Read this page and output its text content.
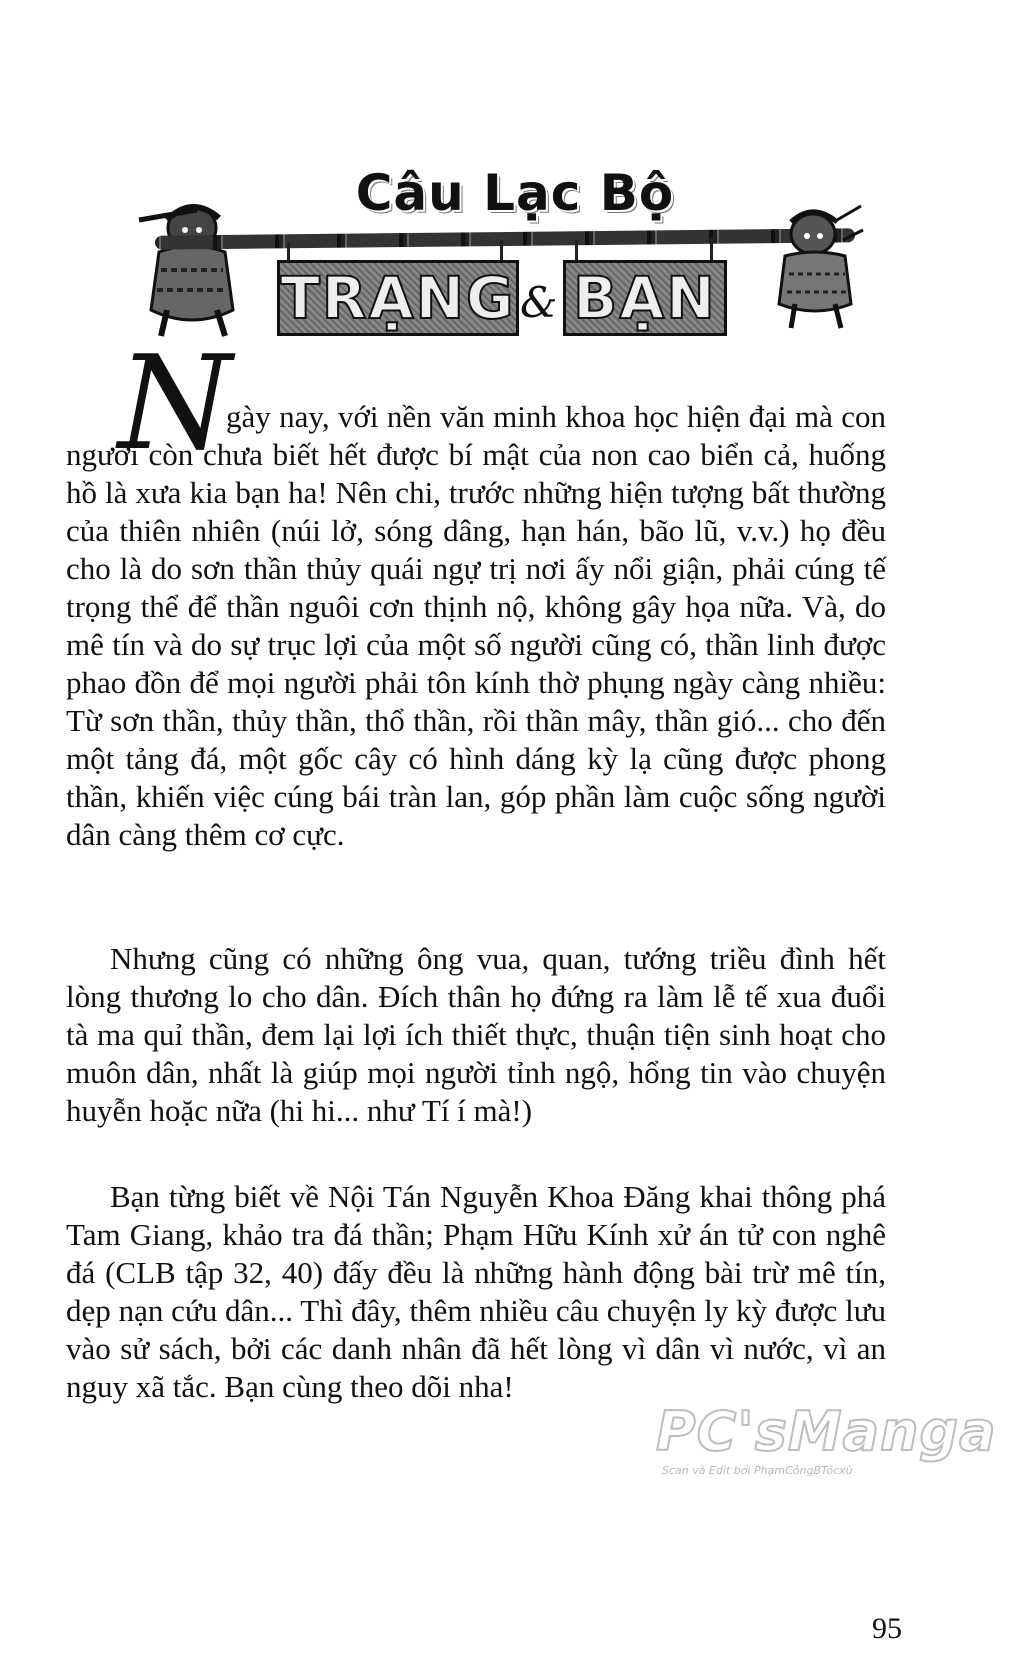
Câu Lạc Bộ
TRẠNG & BẠN
N

gày nay, với nền văn minh khoa học hiện đại mà con người còn chưa biết hết được bí mật của non cao biển cả, huống hồ là xưa kia bạn ha! Nên chi, trước những hiện tượng bất thường của thiên nhiên (núi lở, sóng dâng, hạn hán, bão lũ, v.v.) họ đều cho là do sơn thần thủy quái ngự trị nơi ấy nổi giận, phải cúng tế trọng thể để thần nguôi cơn thịnh nộ, không gây họa nữa. Và, do mê tín và do sự trục lợi của một số người cũng có, thần linh được phao đồn để mọi người phải tôn kính thờ phụng ngày càng nhiều: Từ sơn thần, thủy thần, thổ thần, rồi thần mây, thần gió... cho đến một tảng đá, một gốc cây có hình dáng kỳ lạ cũng được phong thần, khiến việc cúng bái tràn lan, góp phần làm cuộc sống người dân càng thêm cơ cực.

Nhưng cũng có những ông vua, quan, tướng triều đình hết lòng thương lo cho dân. Đích thân họ đứng ra làm lễ tế xua đuổi tà ma quỉ thần, đem lại lợi ích thiết thực, thuận tiện sinh hoạt cho muôn dân, nhất là giúp mọi người tỉnh ngộ, hổng tin vào chuyện huyễn hoặc nữa (hi hi... như Tí í mà!)

Bạn từng biết về Nội Tán Nguyễn Khoa Đăng khai thông phá Tam Giang, khảo tra đá thần; Phạm Hữu Kính xử án tử con nghê đá (CLB tập 32, 40) đấy đều là những hành động bài trừ mê tín, dẹp nạn cứu dân... Thì đây, thêm nhiều câu chuyện ly kỳ được lưu vào sử sách, bởi các danh nhân đã hết lòng vì dân vì nước, vì an nguy xã tắc. Bạn cùng theo dõi nha!

PC'sManga
Scan và Edit bởi PhạmCôngBTócxù
95
